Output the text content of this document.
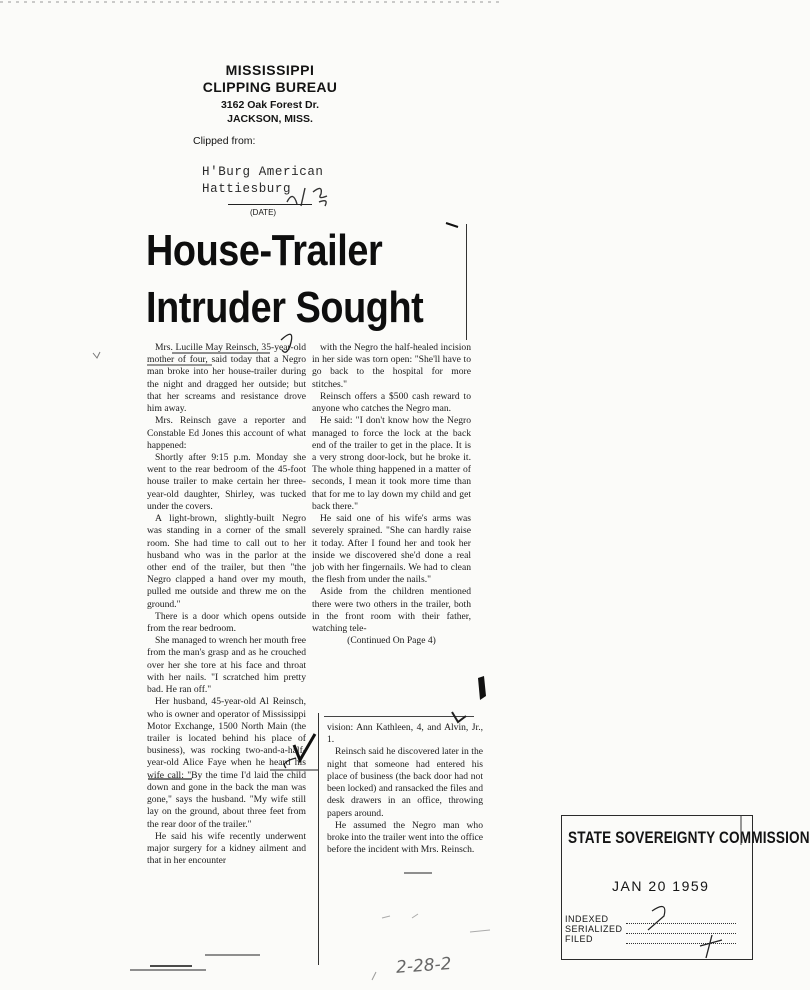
MISSISSIPPI
CLIPPING BUREAU
3162 Oak Forest Dr.
JACKSON, MISS.
Clipped from:
H'Burg American
Hattiesburg
(DATE)
House-Trailer
Intruder Sought

Mrs. Lucille May Reinsch, 35-year-old mother of four, said today that a Negro man broke into her house-trailer during the night and dragged her outside; but that her screams and resistance drove him away.

Mrs. Reinsch gave a reporter and Constable Ed Jones this account of what happened:

Shortly after 9:15 p.m. Monday she went to the rear bedroom of the 45-foot house trailer to make certain her three-year-old daughter, Shirley, was tucked under the covers.

A light-brown, slightly-built Negro was standing in a corner of the small room. She had time to call out to her husband who was in the parlor at the other end of the trailer, but then "the Negro clapped a hand over my mouth, pulled me outside and threw me on the ground."

There is a door which opens outside from the rear bedroom.

She managed to wrench her mouth free from the man's grasp and as he crouched over her she tore at his face and throat with her nails. "I scratched him pretty bad. He ran off."

Her husband, 45-year-old Al Reinsch, who is owner and operator of Mississippi Motor Exchange, 1500 North Main (the trailer is located behind his place of business), was rocking two-and-a-half-year-old Alice Faye when he heard his wife call: "By the time I'd laid the child down and gone in the back the man was gone," says the husband. "My wife still lay on the ground, about three feet from the rear door of the trailer."

He said his wife recently underwent major surgery for a kidney ailment and that in her encounter

with the Negro the half-healed incision in her side was torn open: "She'll have to go back to the hospital for more stitches."

Reinsch offers a $500 cash reward to anyone who catches the Negro man.

He said: "I don't know how the Negro managed to force the lock at the back end of the trailer to get in the place. It is a very strong door-lock, but he broke it. The whole thing happened in a matter of seconds, I mean it took more time than that for me to lay down my child and get back there."

He said one of his wife's arms was severely sprained. "She can hardly raise it today. After I found her and took her inside we discovered she'd done a real job with her fingernails. We had to clean the flesh from under the nails."

Aside from the children mentioned there were two others in the trailer, both in the front room with their father, watching tele-

(Continued On Page 4)

vision: Ann Kathleen, 4, and Alvin, Jr., 1.

Reinsch said he discovered later in the night that someone had entered his place of business (the back door had not been locked) and ransacked the files and desk drawers in an office, throwing papers around.

He assumed the Negro man who broke into the trailer went into the office before the incident with Mrs. Reinsch.

STATE SOVEREIGNTY COMMISSION
JAN 20 1959
INDEXED
SERIALIZED
FILED
2-28-2
